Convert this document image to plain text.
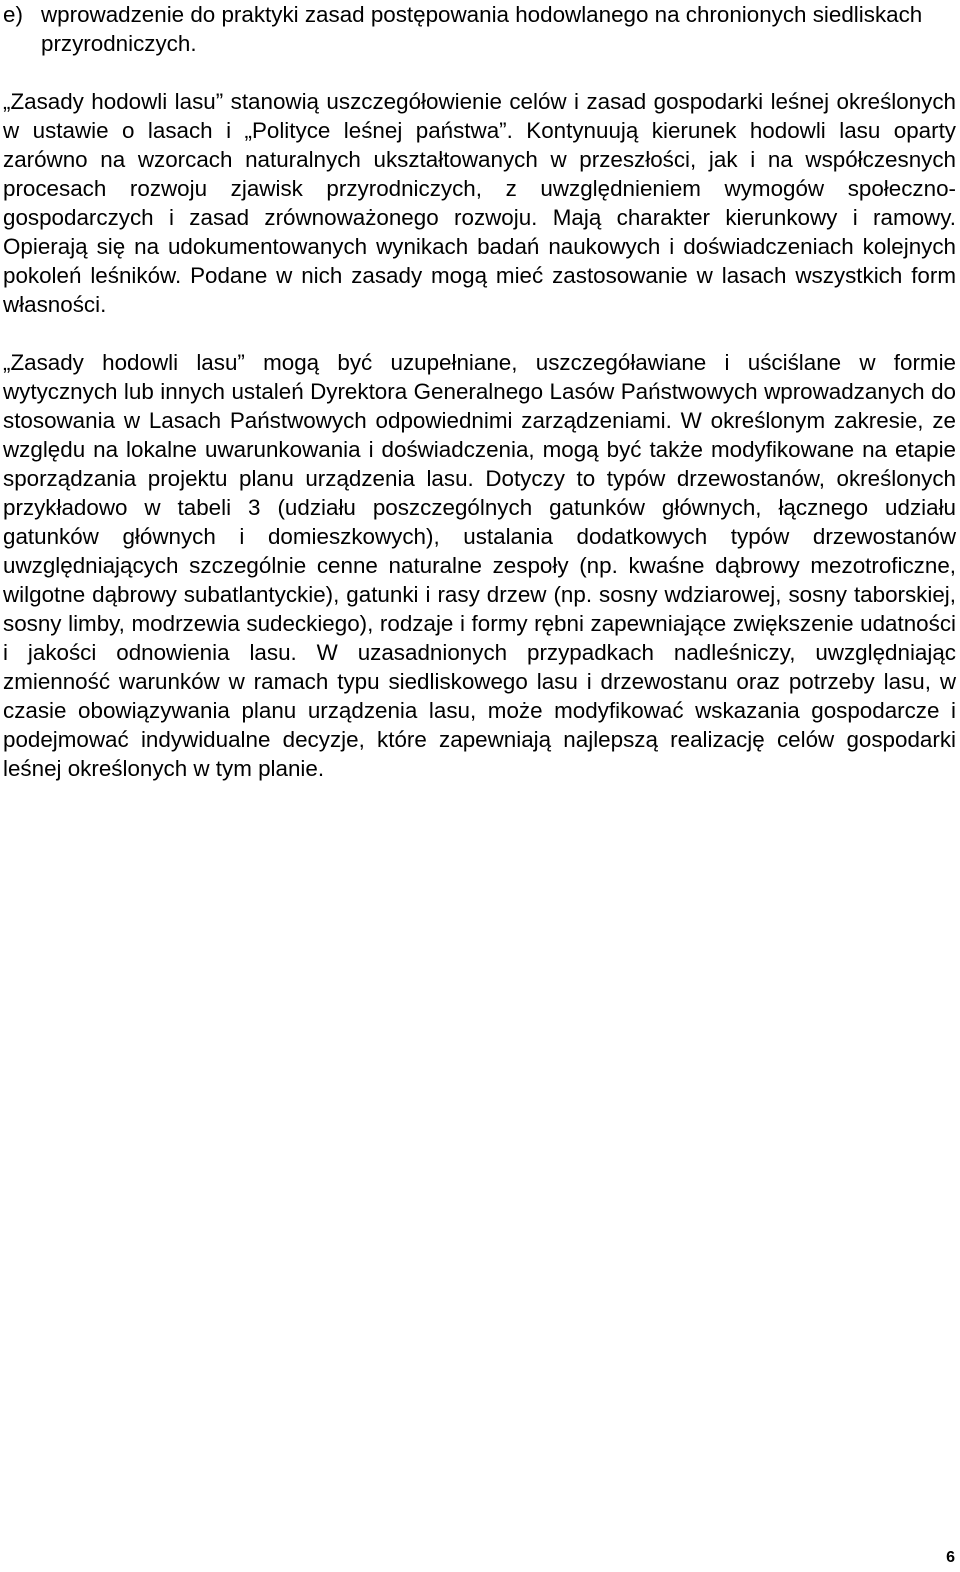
e) wprowadzenie do praktyki zasad postępowania hodowlanego na chronionych siedliskach przyrodniczych.

„Zasady hodowli lasu” stanowią uszczegółowienie celów i zasad gospodarki leśnej określonych w ustawie o lasach i „Polityce leśnej państwa”. Kontynuują kierunek hodowli lasu oparty zarówno na wzorcach naturalnych ukształtowanych w przeszłości, jak i na współczesnych procesach rozwoju zjawisk przyrodniczych, z uwzględnieniem wymogów społeczno-gospodarczych i zasad zrównoważonego rozwoju. Mają charakter kierunkowy i ramowy. Opierają się na udokumentowanych wynikach badań naukowych i doświadczeniach kolejnych pokoleń leśników. Podane w nich zasady mogą mieć zastosowanie w lasach wszystkich form własności.

„Zasady hodowli lasu” mogą być uzupełniane, uszczegóławiane i uściślane w formie wytycznych lub innych ustaleń Dyrektora Generalnego Lasów Państwowych wprowadzanych do stosowania w Lasach Państwowych odpowiednimi zarządzeniami. W określonym zakresie, ze względu na lokalne uwarunkowania i doświadczenia, mogą być także modyfikowane na etapie sporządzania projektu planu urządzenia lasu. Dotyczy to typów drzewostanów, określonych przykładowo w tabeli 3 (udziału poszczególnych gatunków głównych, łącznego udziału gatunków głównych i domieszkowych), ustalania dodatkowych typów drzewostanów uwzględniających szczególnie cenne naturalne zespoły (np. kwaśne dąbrowy mezotroficzne, wilgotne dąbrowy subatlantyckie), gatunki i rasy drzew (np. sosny wdziarowej, sosny taborskiej, sosny limby, modrzewia sudeckiego), rodzaje i formy rębni zapewniające zwiększenie udatności i jakości odnowienia lasu. W uzasadnionych przypadkach nadleśniczy, uwzględniając zmienność warunków w ramach typu siedliskowego lasu i drzewostanu oraz potrzeby lasu, w czasie obowiązywania planu urządzenia lasu, może modyfikować wskazania gospodarcze i podejmować indywidualne decyzje, które zapewniają najlepszą realizację celów gospodarki leśnej określonych w tym planie.

6
